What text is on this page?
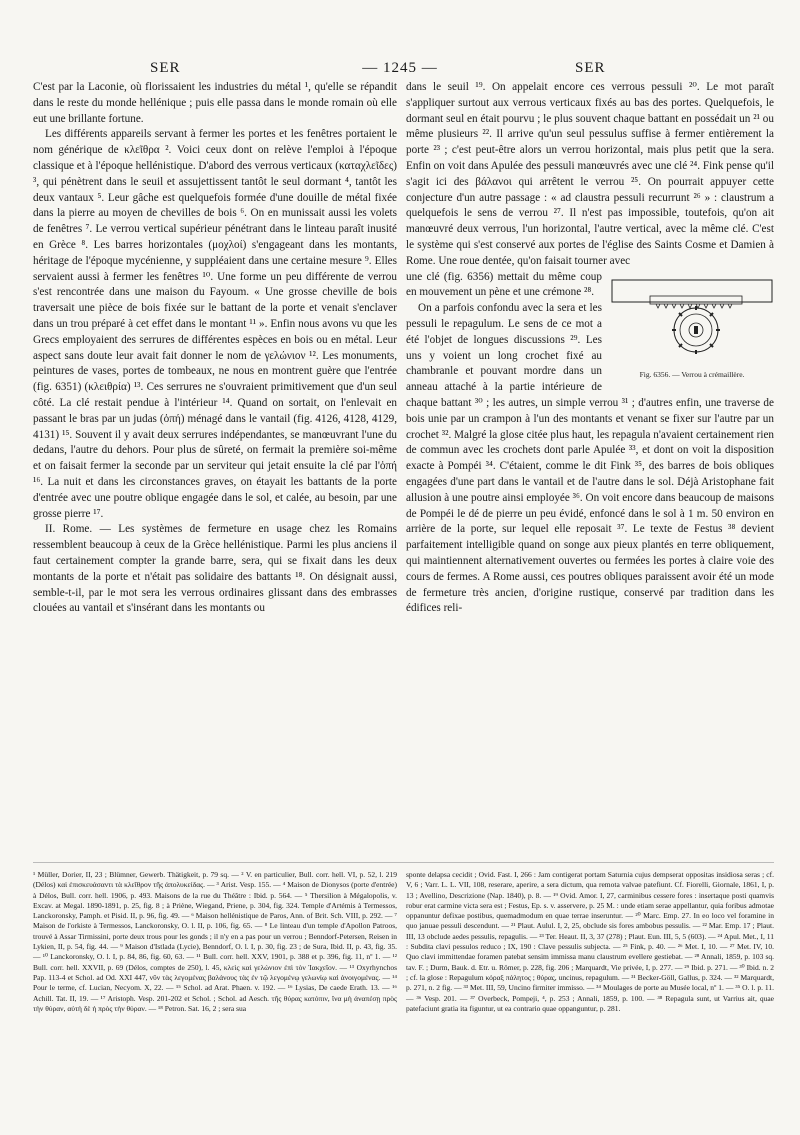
SER	— 1245 —	SER

C'est par la Laconie, où florissaient les industries du métal ¹, qu'elle se répandit dans le reste du monde hellénique ; puis elle passa dans le monde romain où elle eut une brillante fortune.

Les différents appareils servant à fermer les portes et les fenêtres portaient le nom générique de κλεῖθρα ². Voici ceux dont on relève l'emploi à l'époque classique et à l'époque hellénistique. D'abord des verrous verticaux (καταχλεῖδες) ³, qui pénètrent dans le seuil et assujettissent tantôt le seul dormant ⁴, tantôt les deux vantaux ⁵. Leur gâche est quelquefois formée d'une douille de métal fixée dans la pierre au moyen de chevilles de bois ⁶. On en munissait aussi les volets de fenêtres ⁷. Le verrou vertical supérieur pénétrant dans le linteau paraît inusité en Grèce ⁸. Les barres horizontales (μοχλοί) s'engageant dans les montants, héritage de l'époque mycénienne, y suppléaient dans une certaine mesure ⁹. Elles servaient aussi à fermer les fenêtres ¹⁰. Une forme un peu différente de verrou s'est rencontrée dans une maison du Fayoum. « Une grosse cheville de bois traversait une pièce de bois fixée sur le battant de la porte et venait s'enclaver dans un trou préparé à cet effet dans le montant ¹¹ ». Enfin nous avons vu que les Grecs employaient des serrures de différentes espèces en bois ou en métal. Leur aspect sans doute leur avait fait donner le nom de γελώνιον ¹². Les monuments, peintures de vases, portes de tombeaux, ne nous en montrent guère que l'entrée (fig. 6351) (κλειθρία) ¹³. Ces serrures ne s'ouvraient primitivement que d'un seul côté. La clé restait pendue à l'intérieur ¹⁴. Quand on sortait, on l'enlevait en passant le bras par un judas (ὀπή) ménagé dans le vantail (fig. 4126, 4128, 4129, 4131) ¹⁵. Souvent il y avait deux serrures indépendantes, se manœuvrant l'une du dedans, l'autre du dehors. Pour plus de sûreté, on fermait la première soi-même et on faisait fermer la seconde par un serviteur qui jetait ensuite la clé par l'ὀπή ¹⁶. La nuit et dans les circonstances graves, on étayait les battants de la porte d'entrée avec une poutre oblique engagée dans le sol, et calée, au besoin, par une grosse pierre ¹⁷.

II. Rome. — Les systèmes de fermeture en usage chez les Romains ressemblent beaucoup à ceux de la Grèce hellénistique. Parmi les plus anciens il faut certainement compter la grande barre, sera, qui se fixait dans les deux montants de la porte et n'était pas solidaire des battants ¹⁸. On désignait aussi, semble-t-il, par le mot sera les verrous ordinaires glissant dans des embrasses clouées au vantail et s'insérant dans les montants ou

dans le seuil ¹⁹. On appelait encore ces verrous pessuli ²⁰. Le mot paraît s'appliquer surtout aux verrous verticaux fixés au bas des portes. Quelquefois, le dormant seul en était pourvu ; le plus souvent chaque battant en possédait un ²¹ ou même plusieurs ²². Il arrive qu'un seul pessulus suffise à fermer entièrement la porte ²³ ; c'est peut-être alors un verrou horizontal, mais plus petit que la sera. Enfin on voit dans Apulée des pessuli manœuvrés avec une clé ²⁴. Fink pense qu'il s'agit ici des βάλανοι qui arrêtent le verrou ²⁵. On pourrait appuyer cette conjecture d'un autre passage : « ad claustra pessuli recurrunt ²⁶ » : claustrum a quelquefois le sens de verrou ²⁷. Il n'est pas impossible, toutefois, qu'on ait manœuvré deux verrous, l'un horizontal, l'autre vertical, avec la même clé. C'est le système qui s'est conservé aux portes de l'église des Saints Cosme et Damien à Rome. Une roue dentée, qu'on faisait tourner avec

Fig. 6356. — Verrou à crémaillère.

une clé (fig. 6356) mettait du même coup en mouvement un pène et une crémone ²⁸.

On a parfois confondu avec la sera et les pessuli le repagulum. Le sens de ce mot a été l'objet de longues discussions ²⁹. Les uns y voient un long crochet fixé au chambranle et pouvant mordre dans un anneau attaché à la partie intérieure de chaque battant ³⁰ ; les autres, un simple verrou ³¹ ; d'autres enfin, une traverse de bois unie par un crampon à l'un des montants et venant se fixer sur l'autre par un crochet ³². Malgré la glose citée plus haut, les repagula n'avaient certainement rien de commun avec les crochets dont parle Apulée ³³, et dont on voit la disposition exacte à Pompéi ³⁴. C'étaient, comme le dit Fink ³⁵, des barres de bois obliques engagées d'une part dans le vantail et de l'autre dans le sol. Déjà Aristophane fait allusion à une poutre ainsi employée ³⁶. On voit encore dans beaucoup de maisons de Pompéi le dé de pierre un peu évidé, enfoncé dans le sol à 1 m. 50 environ en arrière de la porte, sur lequel elle reposait ³⁷. Le texte de Festus ³⁸ devient parfaitement intelligible quand on songe aux pieux plantés en terre obliquement, qui maintiennent alternativement ouvertes ou fermées les portes à claire voie des cours de fermes. A Rome aussi, ces poutres obliques paraissent avoir été un mode de fermeture très ancien, d'origine rustique, conservé par tradition dans les édifices reli-

¹ Müller, Dorier, II, 23 ; Blümner, Gewerb. Thätigkeit, p. 79 sq. — ² V. en particulier, Bull. corr. hell. VI, p. 52, l. 219 (Délos) καὶ ἐπισκευάσαντι τὰ κλεῖθρον τῆς ἀπολυκείδας. — ³ Arist. Vesp. 155. — ⁴ Maison de Dionysos (porte d'entrée) à Délos, Bull. corr. hell. 1906, p. 493. Maisons de la rue du Théâtre : Ibid. p. 564. — ⁵ Thersilion à Mégalopolis, v. Excav. at Megal. 1890-1891, p. 25, fig. 8 ; à Priène, Wiegand, Priene, p. 304, fig. 324. Temple d'Artémis à Termessos, Lanckoronsky, Pamph. et Pisid. II, p. 96, fig. 49. — ⁶ Maison hellénistique de Paros, Ann. of Brit. Sch. VIII, p. 292. — ⁷ Maison de l'orkiste à Termessos, Lanckoronsky, O. l. II, p. 106, fig. 65. — ⁸ Le linteau d'un temple d'Apollon Patroos, trouvé à Assar Tirmissini, porte deux trous pour les gonds ; il n'y en a pas pour un verrou ; Benndorf-Petersen, Reisen in Lykien, II, p. 54, fig. 44. — ⁹ Maison d'Istlada (Lycie), Benndorf, O. l. I, p. 30, fig. 23 ; de Sura, Ibid. II, p. 43, fig. 35. — ¹⁰ Lanckoronsky, O. l. I, p. 84, 86, fig. 60, 63. — ¹¹ Bull. corr. hell. XXV, 1901, p. 388 et p. 396, fig. 11, nº 1. — ¹² Bull. corr. hell. XXVII, p. 69 (Délos, comptes de 250), l. 45, κλεὶς καὶ γελώνιον ἐπὶ τὸν Ἰακχεῖον. — ¹³ Oxyrhynchos Pap. 113-4 et Schol. ad Od. XXI 447, νῦν τὰς λεγομένας βαλάνους τὰς ἐν τῷ λεγομένῳ γελωνίῳ καὶ ἀνοιγομένας. — ¹⁴ Pour le terme, cf. Lucian, Necyom. X, 22. — ¹⁵ Schol. ad Arat. Phaen. v. 192. — ¹⁶ Lysias, De caede Erath. 13. — ¹⁶ Achill. Tat. II, 19. — ¹⁷ Aristoph. Vesp. 201-202 et Schol. ; Schol. ad Aesch. τῆς θύρας κατόπιν, ἵνα μὴ ἀναπέσῃ πρὸς τὴν θύραν, αὐτὴ δὲ ἡ πρὸς τὴν θύραν. — ¹⁸ Petron. Sat. 16, 2 ; sera sua
sponte delapsa cecidit ; Ovid. Fast. I, 266 : Jam contigerat portam Saturnia cujus dempserat oppositas insidiosa seras ; cf. V, 6 ; Varr. L. L. VII, 108, reserare, aperire, a sera dictum, qua remota valvae patefiunt. Cf. Fiorelli, Giornale, 1861, I, p. 13 ; Avellino, Descrizione (Nap. 1840), p. 8. — ¹⁹ Ovid. Amor. I, 27, carminibus cessere fores : insertaque posti quamvis robur erat carmine victa sera est ; Festus, Ep. s. v. asservere, p. 25 M. : unde etiam serae appellantur, quia foribus admotae oppanuntur defixae postibus, quemadmodum en quae terrae inseruntur. — ²⁰ Marc. Emp. 27. In eo loco vel foramine in quo januae pessuli descendunt. — ²¹ Plaut. Aulul. I, 2, 25, obclude sis fores ambobus pessulis. — ²² Mar. Emp. 17 ; Plaut. III, 13 obclude aedes pessulis, repagulis. — ²³ Ter. Heaut. II, 3, 37 (278) ; Plaut. Eun. III, 5, 5 (603). — ²⁴ Apul. Met., I, 11 : Subdita clavi pessulos reduco ; IX, 190 : Clave pessulis subjecta. — ²⁵ Fink, p. 40. — ²⁶ Met. I, 10. — ²⁷ Met. IV, 10. Quo clavi immittendae foramen patebat sensim immissa manu claustrum evellere gestiebat. — ²⁸ Annali, 1859, p. 103 sq. tav. F. ; Durm, Bauk. d. Etr. u. Römer, p. 228, fig. 206 ; Marquardt, Vie privée, I, p. 277. — ²⁹ Ibid. p. 271. — ³⁰ Ibid. n. 2 ; cf. la glose : Repagulum κόραξ πάλητος ; θύρας, uncinus, repagulum. — ³¹ Becker-Göll, Gallus, p. 324. — ³² Marquardt, p. 271, n. 2 fig. — ³³ Met. III, 59, Uncino firmiter immisso. — ³⁴ Moulages de porte au Musée local, nº 1. — ³⁵ O. l. p. 11. — ³⁶ Vesp. 201. — ³⁷ Overbeck, Pompeji, ⁴, p. 253 ; Annali, 1859, p. 100. — ³⁸ Repagula sunt, ut Varrius ait, quae patefaciunt gratia ita figuntur, ut ea contrario quae oppanguntur, p. 281.
